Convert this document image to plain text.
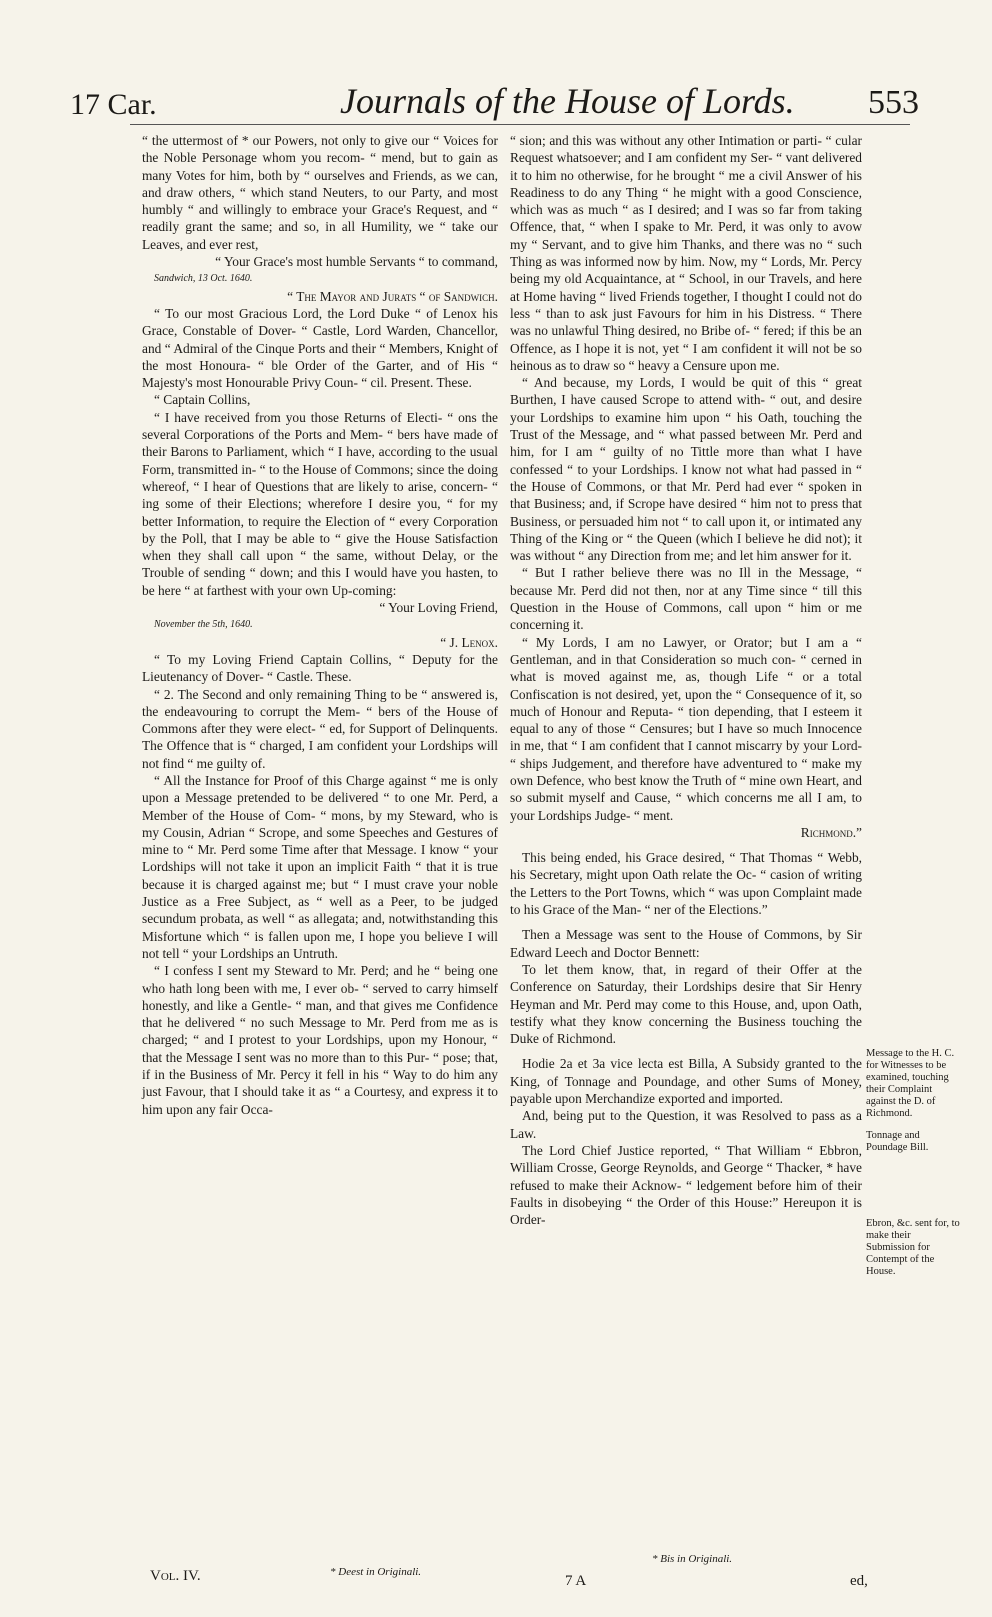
17 Car.	Journals of the House of Lords. 553

“ the uttermost of * our Powers, not only to give our “ Voices for the Noble Personage whom you recom- “ mend, but to gain as many Votes for him, both by “ ourselves and Friends, as we can, and draw others, “ which stand Neuters, to our Party, and most humbly “ and willingly to embrace your Grace's Request, and “ readily grant the same; and so, in all Humility, we “ take our Leaves, and ever rest,

“ Your Grace's most humble Servants “ to command,

Sandwich, 13 Oct. 1640.

“ The Mayor and Jurats “ of Sandwich.

“ To our most Gracious Lord, the Lord Duke “ of Lenox his Grace, Constable of Dover- “ Castle, Lord Warden, Chancellor, and “ Admiral of the Cinque Ports and their “ Members, Knight of the most Honoura- “ ble Order of the Garter, and of His “ Majesty's most Honourable Privy Coun- “ cil. Present. These.

“ Captain Collins,

“ I have received from you those Returns of Electi- “ ons the several Corporations of the Ports and Mem- “ bers have made of their Barons to Parliament, which “ I have, according to the usual Form, transmitted in- “ to the House of Commons; since the doing whereof, “ I hear of Questions that are likely to arise, concern- “ ing some of their Elections; wherefore I desire you, “ for my better Information, to require the Election of “ every Corporation by the Poll, that I may be able to “ give the House Satisfaction when they shall call upon “ the same, without Delay, or the Trouble of sending “ down; and this I would have you hasten, to be here “ at farthest with your own Up-coming:

“ Your Loving Friend,

November the 5th, 1640.

“ J. Lenox.

“ To my Loving Friend Captain Collins, “ Deputy for the Lieutenancy of Dover- “ Castle. These.

“ 2. The Second and only remaining Thing to be “ answered is, the endeavouring to corrupt the Mem- “ bers of the House of Commons after they were elect- “ ed, for Support of Delinquents. The Offence that is “ charged, I am confident your Lordships will not find “ me guilty of.

“ All the Instance for Proof of this Charge against “ me is only upon a Message pretended to be delivered “ to one Mr. Perd, a Member of the House of Com- “ mons, by my Steward, who is my Cousin, Adrian “ Scrope, and some Speeches and Gestures of mine to “ Mr. Perd some Time after that Message. I know “ your Lordships will not take it upon an implicit Faith “ that it is true because it is charged against me; but “ I must crave your noble Justice as a Free Subject, as “ well as a Peer, to be judged secundum probata, as well “ as allegata; and, notwithstanding this Misfortune which “ is fallen upon me, I hope you believe I will not tell “ your Lordships an Untruth.

“ I confess I sent my Steward to Mr. Perd; and he “ being one who hath long been with me, I ever ob- “ served to carry himself honestly, and like a Gentle- “ man, and that gives me Confidence that he delivered “ no such Message to Mr. Perd from me as is charged; “ and I protest to your Lordships, upon my Honour, “ that the Message I sent was no more than to this Pur- “ pose; that, if in the Business of Mr. Percy it fell in his “ Way to do him any just Favour, that I should take it as “ a Courtesy, and express it to him upon any fair Occa-

“ sion; and this was without any other Intimation or parti- “ cular Request whatsoever; and I am confident my Ser- “ vant delivered it to him no otherwise, for he brought “ me a civil Answer of his Readiness to do any Thing “ he might with a good Conscience, which was as much “ as I desired; and I was so far from taking Offence, that, “ when I spake to Mr. Perd, it was only to avow my “ Servant, and to give him Thanks, and there was no “ such Thing as was informed now by him. Now, my “ Lords, Mr. Percy being my old Acquaintance, at “ School, in our Travels, and here at Home having “ lived Friends together, I thought I could not do less “ than to ask just Favours for him in his Distress. “ There was no unlawful Thing desired, no Bribe of- “ fered; if this be an Offence, as I hope it is not, yet “ I am confident it will not be so heinous as to draw so “ heavy a Censure upon me.

“ And because, my Lords, I would be quit of this “ great Burthen, I have caused Scrope to attend with- “ out, and desire your Lordships to examine him upon “ his Oath, touching the Trust of the Message, and “ what passed between Mr. Perd and him, for I am “ guilty of no Tittle more than what I have confessed “ to your Lordships. I know not what had passed in “ the House of Commons, or that Mr. Perd had ever “ spoken in that Business; and, if Scrope have desired “ him not to press that Business, or persuaded him not “ to call upon it, or intimated any Thing of the King or “ the Queen (which I believe he did not); it was without “ any Direction from me; and let him answer for it.

“ But I rather believe there was no Ill in the Message, “ because Mr. Perd did not then, nor at any Time since “ till this Question in the House of Commons, call upon “ him or me concerning it.

“ My Lords, I am no Lawyer, or Orator; but I am a “ Gentleman, and in that Consideration so much con- “ cerned in what is moved against me, as, though Life “ or a total Confiscation is not desired, yet, upon the “ Consequence of it, so much of Honour and Reputa- “ tion depending, that I esteem it equal to any of those “ Censures; but I have so much Innocence in me, that “ I am confident that I cannot miscarry by your Lord- “ ships Judgement, and therefore have adventured to “ make my own Defence, who best know the Truth of “ mine own Heart, and so submit myself and Cause, “ which concerns me all I am, to your Lordships Judge- “ ment.

Richmond.”

This being ended, his Grace desired, “ That Thomas “ Webb, his Secretary, might upon Oath relate the Oc- “ casion of writing the Letters to the Port Towns, which “ was upon Complaint made to his Grace of the Man- “ ner of the Elections.”

Then a Message was sent to the House of Commons, by Sir Edward Leech and Doctor Bennett:

To let them know, that, in regard of their Offer at the Conference on Saturday, their Lordships desire that Sir Henry Heyman and Mr. Perd may come to this House, and, upon Oath, testify what they know concerning the Business touching the Duke of Richmond.

Hodie 2a et 3a vice lecta est Billa, A Subsidy granted to the King, of Tonnage and Poundage, and other Sums of Money, payable upon Merchandize exported and imported.

And, being put to the Question, it was Resolved to pass as a Law.

The Lord Chief Justice reported, “ That William “ Ebbron, William Crosse, George Reynolds, and George “ Thacker, * have refused to make their Acknow- “ ledgement before him of their Faults in disobeying “ the Order of this House:” Hereupon it is Order-

Message to the H. C. for Witnesses to be examined, touching their Complaint against the D. of Richmond.
Tonnage and Poundage Bill.
Ebron, &c. sent for, to make their Submission for Contempt of the House.
Vol. IV.	* Deest in Originali.
* Bis in Originali.
7 A	ed,
